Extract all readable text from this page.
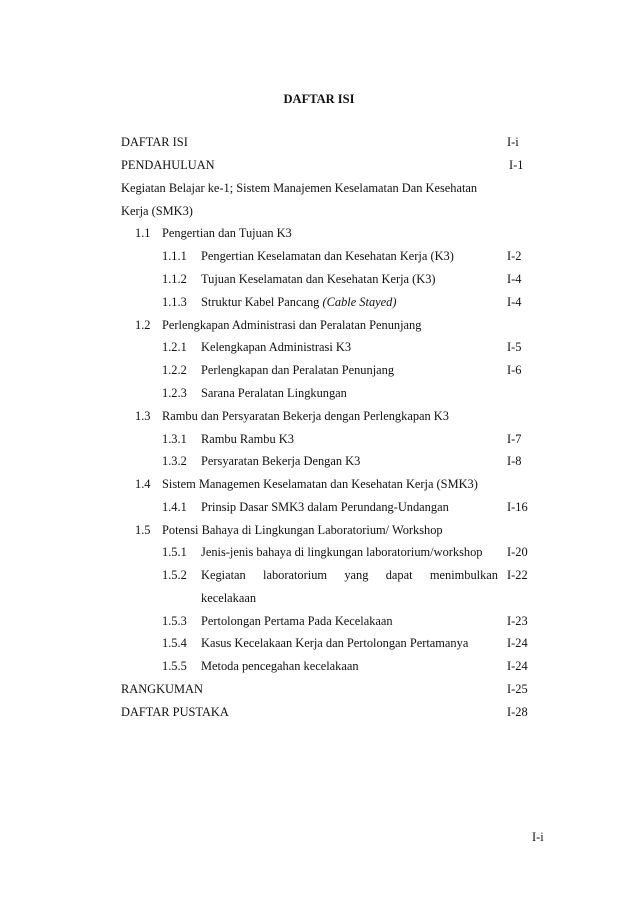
DAFTAR ISI
DAFTAR ISI	I-i
PENDAHULUAN	I-1
Kegiatan Belajar ke-1; Sistem Manajemen Keselamatan Dan Kesehatan
Kerja (SMK3)
1.1 Pengertian dan Tujuan K3
1.1.1 Pengertian Keselamatan dan Kesehatan Kerja (K3)	I-2
1.1.2 Tujuan Keselamatan dan Kesehatan Kerja (K3)	I-4
1.1.3 Struktur Kabel Pancang (Cable Stayed)	I-4
1.2 Perlengkapan Administrasi dan Peralatan Penunjang
1.2.1 Kelengkapan Administrasi K3	I-5
1.2.2 Perlengkapan dan Peralatan Penunjang	I-6
1.2.3 Sarana Peralatan Lingkungan
1.3 Rambu dan Persyaratan Bekerja dengan Perlengkapan K3
1.3.1 Rambu Rambu K3	I-7
1.3.2 Persyaratan Bekerja Dengan K3	I-8
1.4 Sistem Managemen Keselamatan dan Kesehatan Kerja (SMK3)
1.4.1 Prinsip Dasar SMK3 dalam Perundang-Undangan	I-16
1.5 Potensi Bahaya di Lingkungan Laboratorium/ Workshop
1.5.1 Jenis-jenis bahaya di lingkungan laboratorium/workshop I-20
1.5.2 Kegiatan laboratorium yang dapat menimbulkan I-22
kecelakaan
1.5.3 Pertolongan Pertama Pada Kecelakaan	I-23
1.5.4 Kasus Kecelakaan Kerja dan Pertolongan Pertamanya	I-24
1.5.5 Metoda pencegahan kecelakaan	I-24
RANGKUMAN	I-25
DAFTAR PUSTAKA	I-28
I-i
